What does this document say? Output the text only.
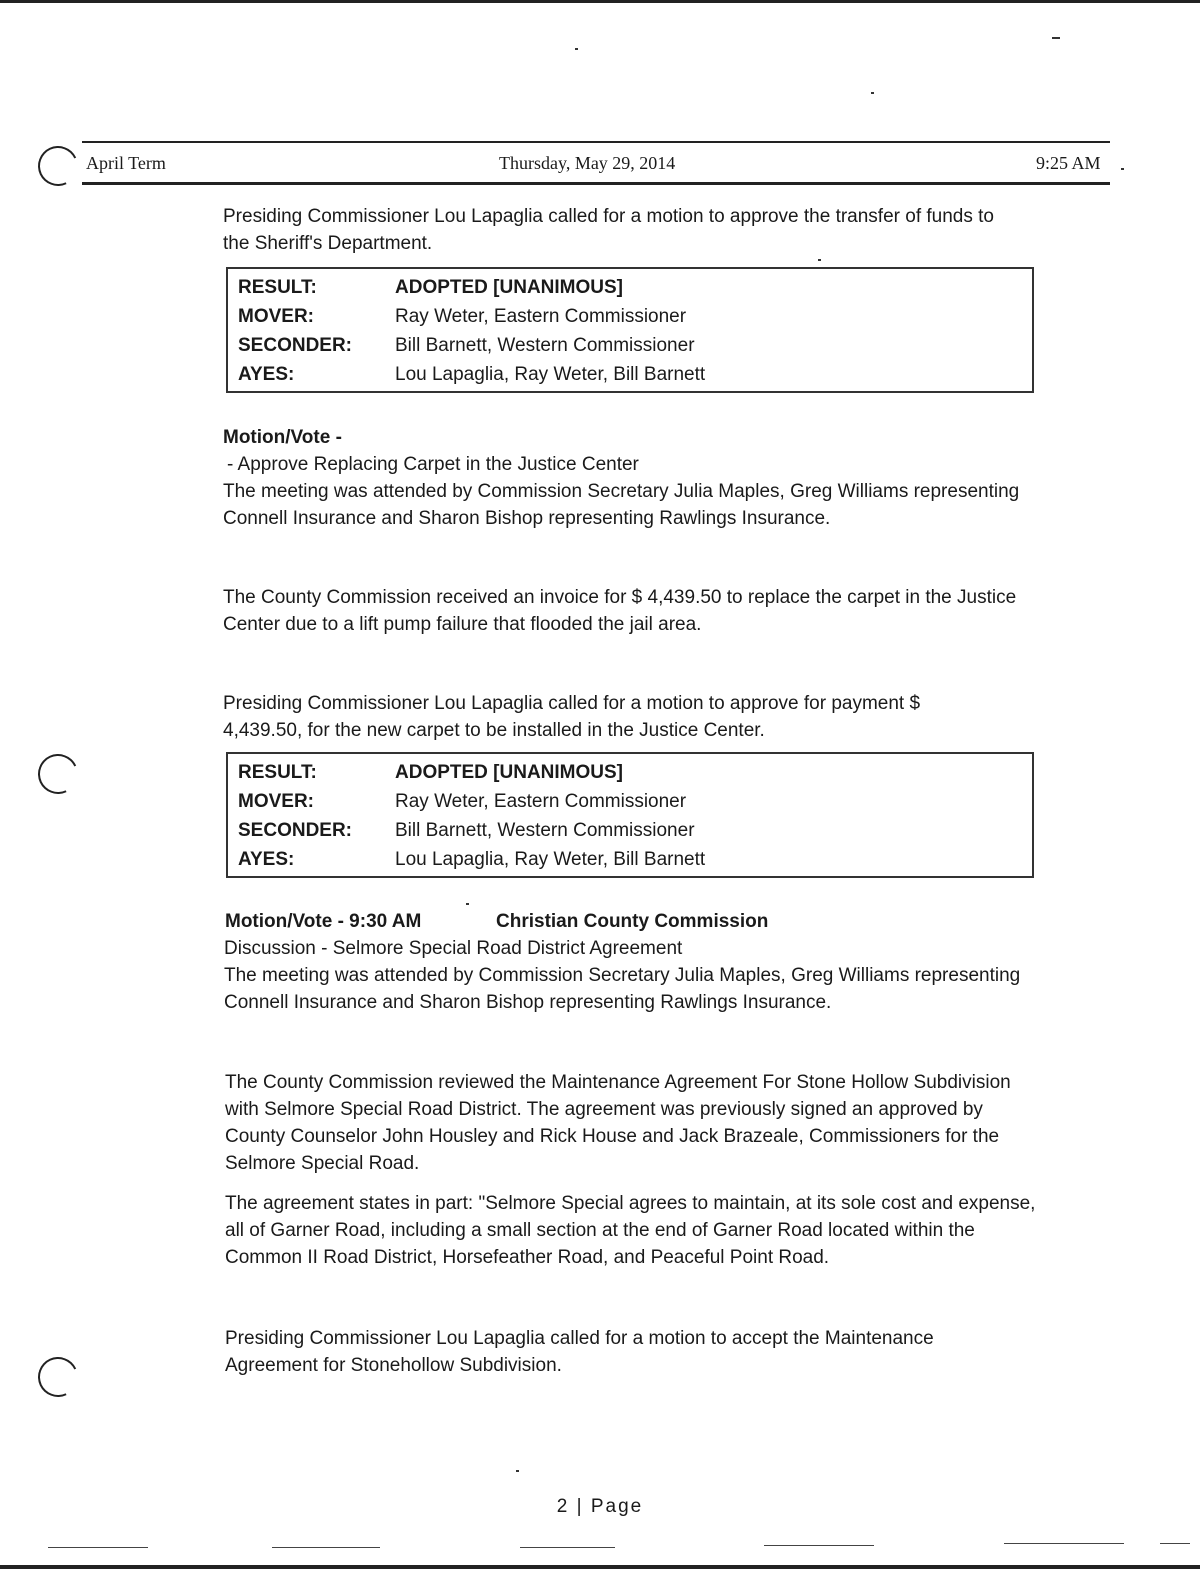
April Term	Thursday, May 29, 2014	9:25 AM
Presiding Commissioner Lou Lapaglia called for a motion to approve the transfer of funds to the Sheriff's Department.
RESULT:	ADOPTED [UNANIMOUS]
MOVER:	Ray Weter, Eastern Commissioner
SECONDER:	Bill Barnett, Western Commissioner
AYES:	Lou Lapaglia, Ray Weter, Bill Barnett
Motion/Vote -
- Approve Replacing Carpet in the Justice Center
The meeting was attended by Commission Secretary Julia Maples, Greg Williams representing Connell Insurance and Sharon Bishop representing Rawlings Insurance.
The County Commission received an invoice for $ 4,439.50 to replace the carpet in the Justice Center due to a lift pump failure that flooded the jail area.
Presiding Commissioner Lou Lapaglia called for a motion to approve for payment $ 4,439.50, for the new carpet to be installed in the Justice Center.
RESULT:	ADOPTED [UNANIMOUS]
MOVER:	Ray Weter, Eastern Commissioner
SECONDER:	Bill Barnett, Western Commissioner
AYES:	Lou Lapaglia, Ray Weter, Bill Barnett
Motion/Vote - 9:30 AM	Christian County Commission
Discussion - Selmore Special Road District Agreement
The meeting was attended by Commission Secretary Julia Maples, Greg Williams representing Connell Insurance and Sharon Bishop representing Rawlings Insurance.
The County Commission reviewed the Maintenance Agreement For Stone Hollow Subdivision with Selmore Special Road District. The agreement was previously signed an approved by County Counselor John Housley and Rick House and Jack Brazeale, Commissioners for the Selmore Special Road.
The agreement states in part: "Selmore Special agrees to maintain, at its sole cost and expense, all of Garner Road, including a small section at the end of Garner Road located within the Common II Road District, Horsefeather Road, and Peaceful Point Road.
Presiding Commissioner Lou Lapaglia called for a motion to accept the Maintenance Agreement for Stonehollow Subdivision.
2 | Page
